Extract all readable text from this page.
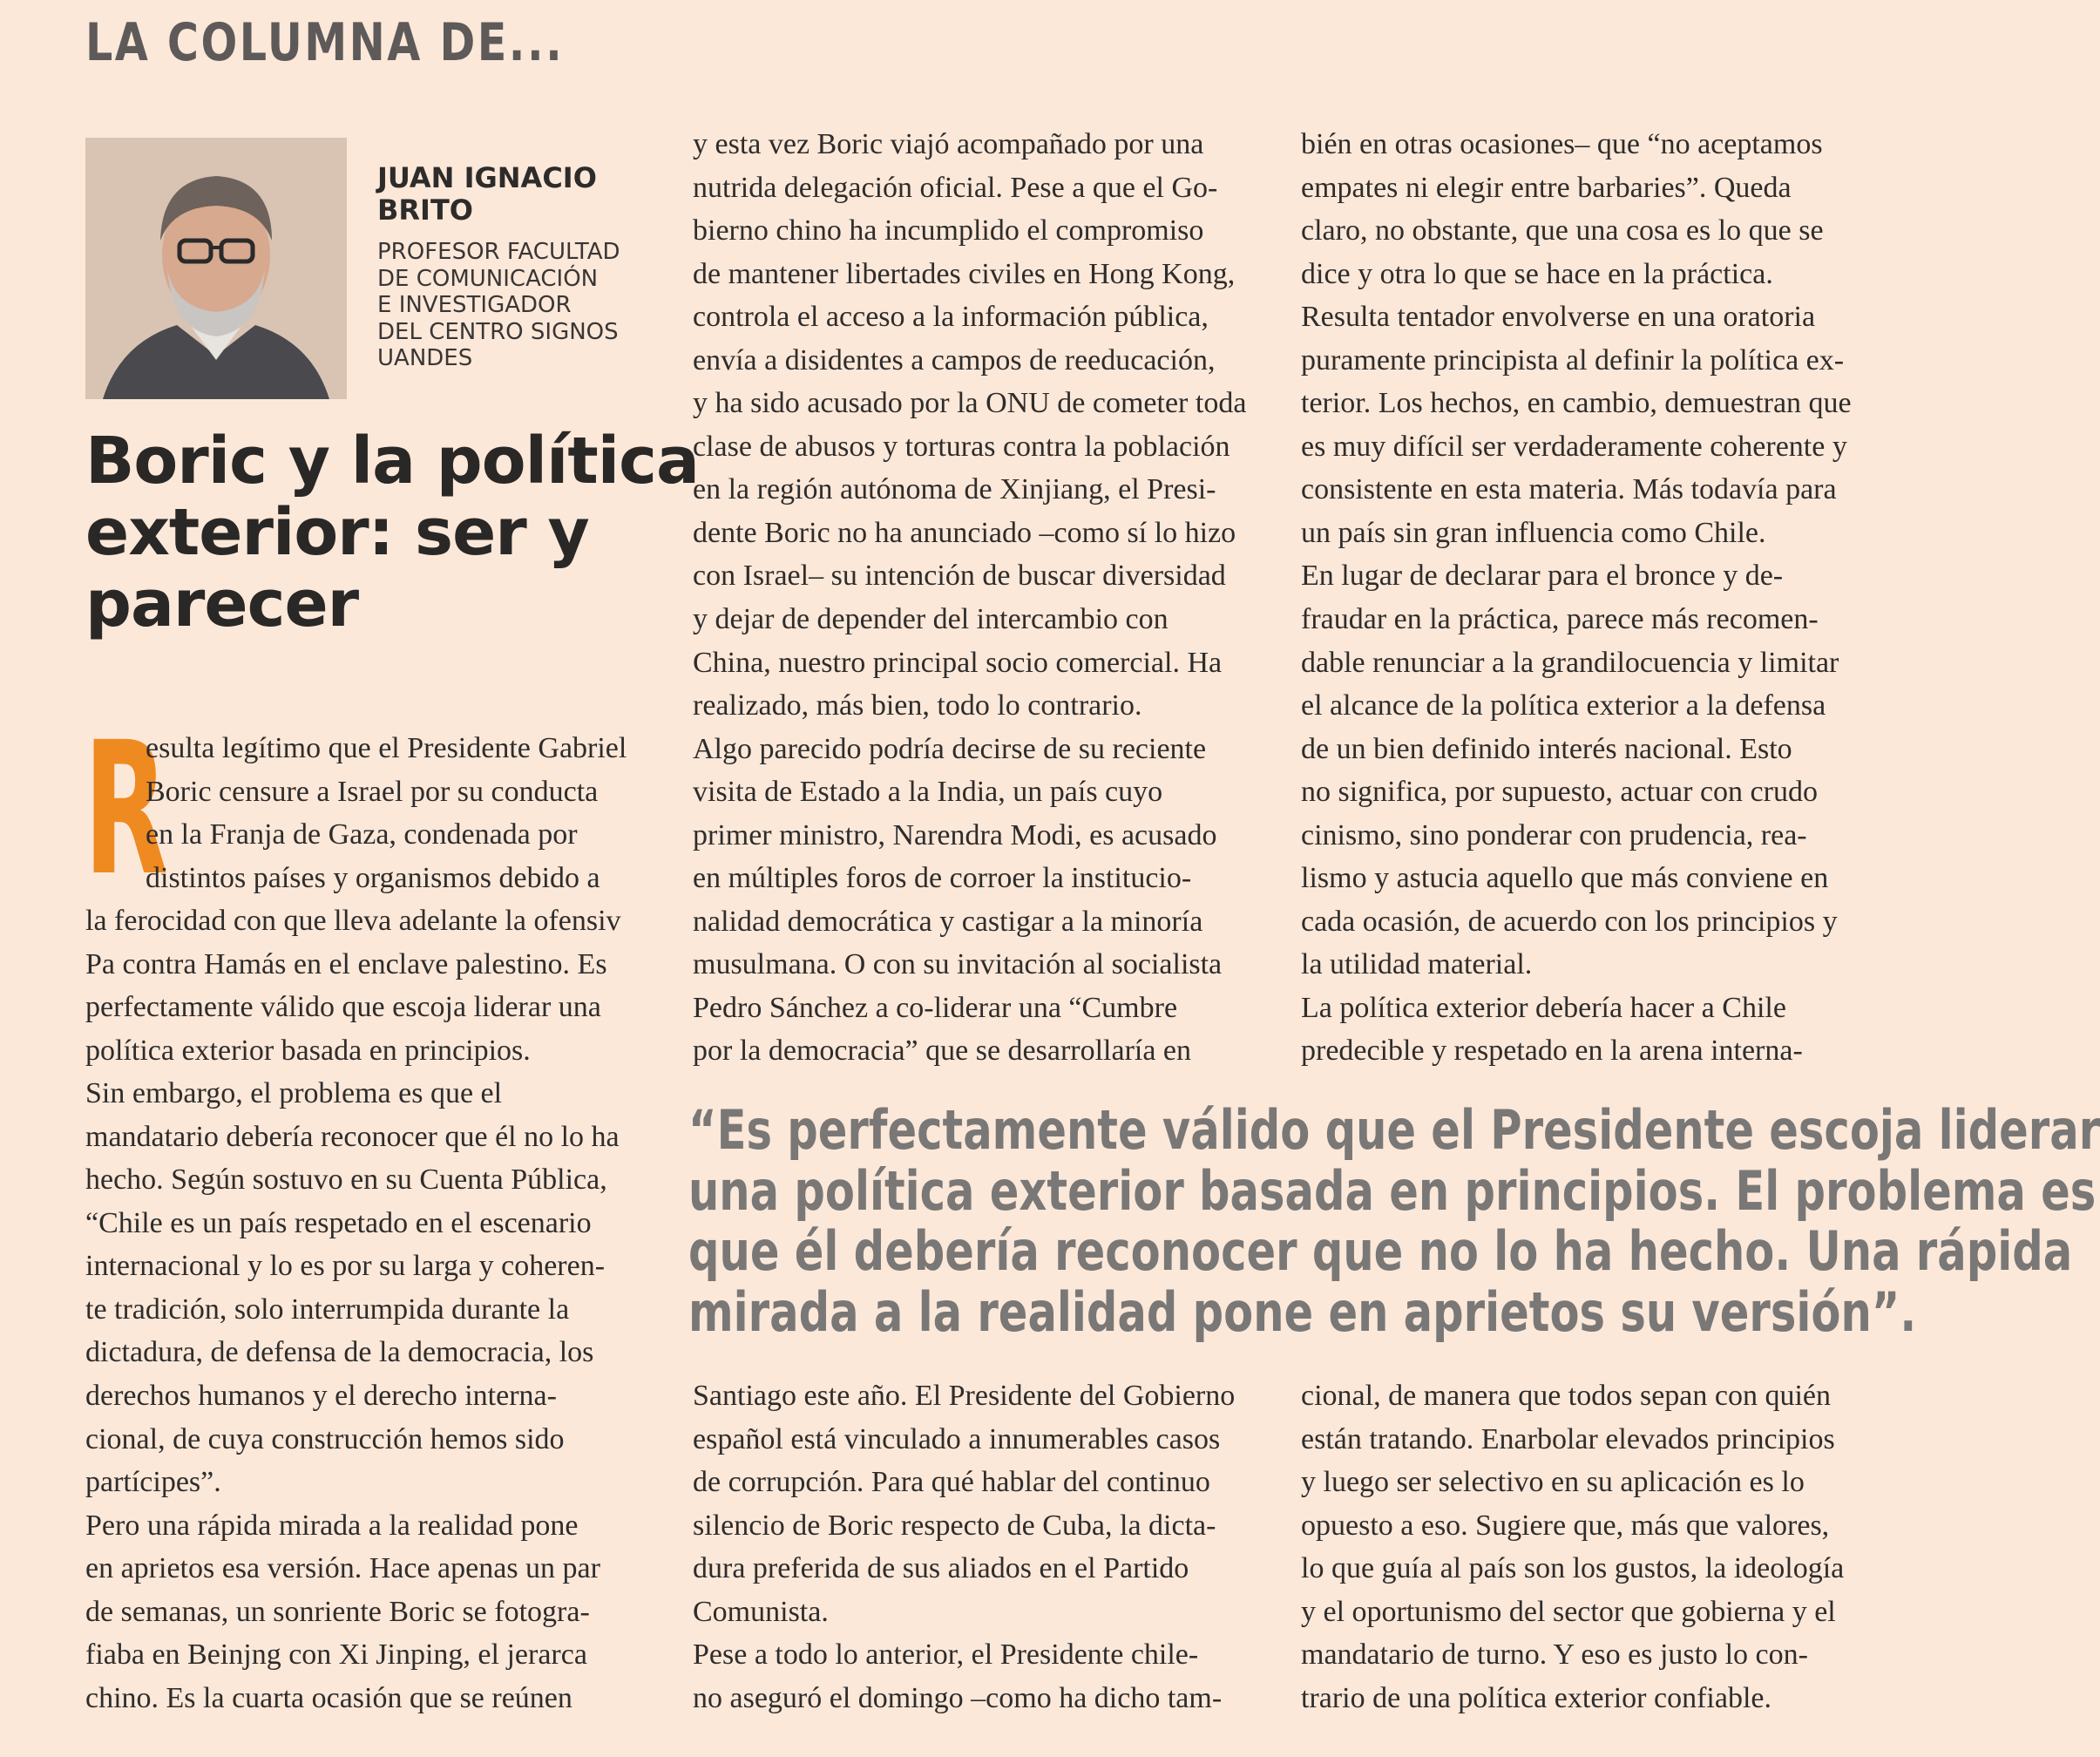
LA COLUMNA DE...
JUAN IGNACIO
BRITO
PROFESOR FACULTAD
DE COMUNICACIÓN
E INVESTIGADOR
DEL CENTRO SIGNOS
UANDES
Boric y la política
exterior: ser y
parecer
R
esulta legítimo que el Presidente Gabriel
Boric censure a Israel por su conducta
en la Franja de Gaza, condenada por
distintos países y organismos debido a
la ferocidad con que lleva adelante la ofensiv
Pa contra Hamás en el enclave palestino. Es
perfectamente válido que escoja liderar una
política exterior basada en principios.
Sin embargo, el problema es que el
mandatario debería reconocer que él no lo ha
hecho. Según sostuvo en su Cuenta Pública,
“Chile es un país respetado en el escenario
internacional y lo es por su larga y coheren-
te tradición, solo interrumpida durante la
dictadura, de defensa de la democracia, los
derechos humanos y el derecho interna-
cional, de cuya construcción hemos sido
partícipes”.
Pero una rápida mirada a la realidad pone
en aprietos esa versión. Hace apenas un par
de semanas, un sonriente Boric se fotogra-
fiaba en Beinjng con Xi Jinping, el jerarca
chino. Es la cuarta ocasión que se reúnen
y esta vez Boric viajó acompañado por una
nutrida delegación oficial. Pese a que el Go-
bierno chino ha incumplido el compromiso
de mantener libertades civiles en Hong Kong,
controla el acceso a la información pública,
envía a disidentes a campos de reeducación,
y ha sido acusado por la ONU de cometer toda
clase de abusos y torturas contra la población
en la región autónoma de Xinjiang, el Presi-
dente Boric no ha anunciado –como sí lo hizo
con Israel– su intención de buscar diversidad
y dejar de depender del intercambio con
China, nuestro principal socio comercial. Ha
realizado, más bien, todo lo contrario.
Algo parecido podría decirse de su reciente
visita de Estado a la India, un país cuyo
primer ministro, Narendra Modi, es acusado
en múltiples foros de corroer la institucio-
nalidad democrática y castigar a la minoría
musulmana. O con su invitación al socialista
Pedro Sánchez a co-liderar una “Cumbre
por la democracia” que se desarrollaría en
bién en otras ocasiones– que “no aceptamos
empates ni elegir entre barbaries”. Queda
claro, no obstante, que una cosa es lo que se
dice y otra lo que se hace en la práctica.
Resulta tentador envolverse en una oratoria
puramente principista al definir la política ex-
terior. Los hechos, en cambio, demuestran que
es muy difícil ser verdaderamente coherente y
consistente en esta materia. Más todavía para
un país sin gran influencia como Chile.
En lugar de declarar para el bronce y de-
fraudar en la práctica, parece más recomen-
dable renunciar a la grandilocuencia y limitar
el alcance de la política exterior a la defensa
de un bien definido interés nacional. Esto
no significa, por supuesto, actuar con crudo
cinismo, sino ponderar con prudencia, rea-
lismo y astucia aquello que más conviene en
cada ocasión, de acuerdo con los principios y
la utilidad material.
La política exterior debería hacer a Chile
predecible y respetado en la arena interna-
“Es perfectamente válido que el Presidente escoja liderar
una política exterior basada en principios. El problema es
que él debería reconocer que no lo ha hecho. Una rápida
mirada a la realidad pone en aprietos su versión”.
Santiago este año. El Presidente del Gobierno
español está vinculado a innumerables casos
de corrupción. Para qué hablar del continuo
silencio de Boric respecto de Cuba, la dicta-
dura preferida de sus aliados en el Partido
Comunista.
Pese a todo lo anterior, el Presidente chile-
no aseguró el domingo –como ha dicho tam-
cional, de manera que todos sepan con quién
están tratando. Enarbolar elevados principios
y luego ser selectivo en su aplicación es lo
opuesto a eso. Sugiere que, más que valores,
lo que guía al país son los gustos, la ideología
y el oportunismo del sector que gobierna y el
mandatario de turno. Y eso es justo lo con-
trario de una política exterior confiable.
